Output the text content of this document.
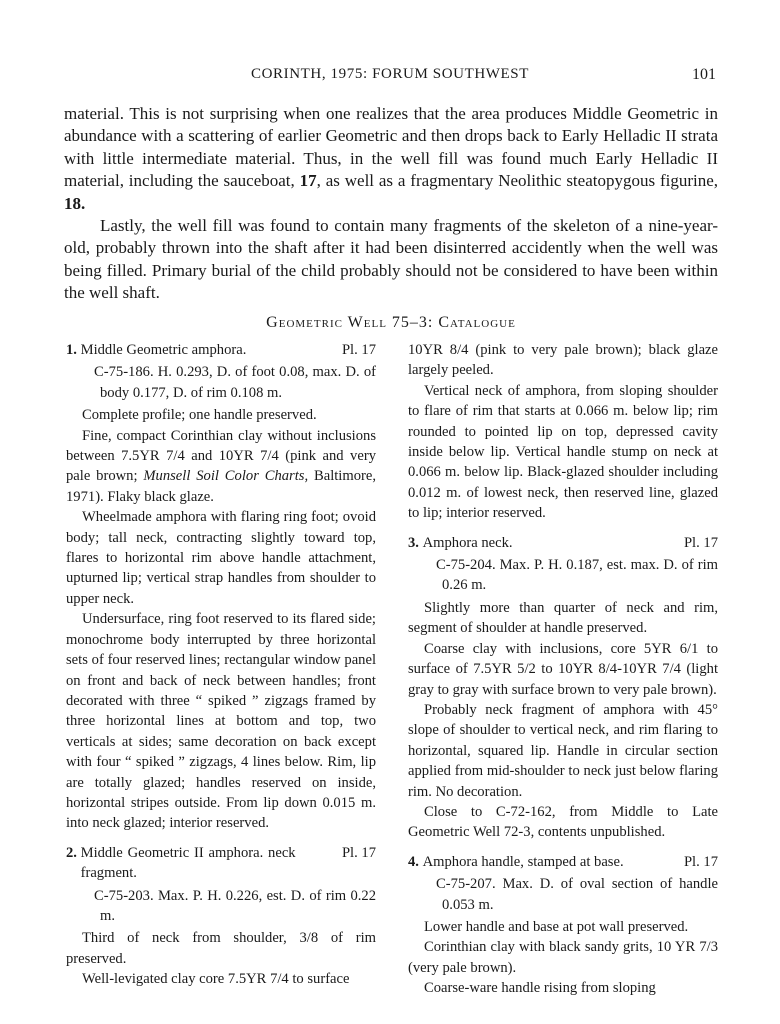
CORINTH, 1975: FORUM SOUTHWEST	101

material. This is not surprising when one realizes that the area produces Middle Geometric in abundance with a scattering of earlier Geometric and then drops back to Early Helladic II strata with little intermediate material. Thus, in the well fill was found much Early Helladic II material, including the sauceboat, 17, as well as a fragmentary Neolithic steatopygous figurine, 18.

Lastly, the well fill was found to contain many fragments of the skeleton of a nine-year-old, probably thrown into the shaft after it had been disinterred accidently when the well was being filled. Primary burial of the child probably should not be considered to have been within the well shaft.

Geometric Well 75–3: Catalogue
1. Middle Geometric amphora.	Pl. 17

C-75-186. H. 0.293, D. of foot 0.08, max. D. of body 0.177, D. of rim 0.108 m.

Complete profile; one handle preserved.

Fine, compact Corinthian clay without inclusions between 7.5YR 7/4 and 10YR 7/4 (pink and very pale brown; Munsell Soil Color Charts, Baltimore, 1971). Flaky black glaze.

Wheelmade amphora with flaring ring foot; ovoid body; tall neck, contracting slightly toward top, flares to horizontal rim above handle attachment, upturned lip; vertical strap handles from shoulder to upper neck.

Undersurface, ring foot reserved to its flared side; monochrome body interrupted by three horizontal sets of four reserved lines; rectangular window panel on front and back of neck between handles; front decorated with three “ spiked ” zigzags framed by three horizontal lines at bottom and top, two verticals at sides; same decoration on back except with four “ spiked ” zigzags, 4 lines below. Rim, lip are totally glazed; handles reserved on inside, horizontal stripes outside. From lip down 0.015 m. into neck glazed; interior reserved.

2. Middle Geometric II amphora. neck fragment.
Pl. 17

C-75-203. Max. P. H. 0.226, est. D. of rim 0.22 m.

Third of neck from shoulder, 3/8 of rim preserved.

Well-levigated clay core 7.5YR 7/4 to surface

10YR 8/4 (pink to very pale brown); black glaze largely peeled.

Vertical neck of amphora, from sloping shoulder to flare of rim that starts at 0.066 m. below lip; rim rounded to pointed lip on top, depressed cavity inside below lip. Vertical handle stump on neck at 0.066 m. below lip. Black-glazed shoulder including 0.012 m. of lowest neck, then reserved line, glazed to lip; interior reserved.

3. Amphora neck.	Pl. 17

C-75-204. Max. P. H. 0.187, est. max. D. of rim 0.26 m.

Slightly more than quarter of neck and rim, segment of shoulder at handle preserved.

Coarse clay with inclusions, core 5YR 6/1 to surface of 7.5YR 5/2 to 10YR 8/4-10YR 7/4 (light gray to gray with surface brown to very pale brown).

Probably neck fragment of amphora with 45° slope of shoulder to vertical neck, and rim flaring to horizontal, squared lip. Handle in circular section applied from mid-shoulder to neck just below flaring rim. No decoration.

Close to C-72-162, from Middle to Late Geometric Well 72-3, contents unpublished.

4. Amphora handle, stamped at base.	Pl. 17

C-75-207. Max. D. of oval section of handle 0.053 m.

Lower handle and base at pot wall preserved.

Corinthian clay with black sandy grits, 10 YR 7/3 (very pale brown).

Coarse-ware handle rising from sloping
